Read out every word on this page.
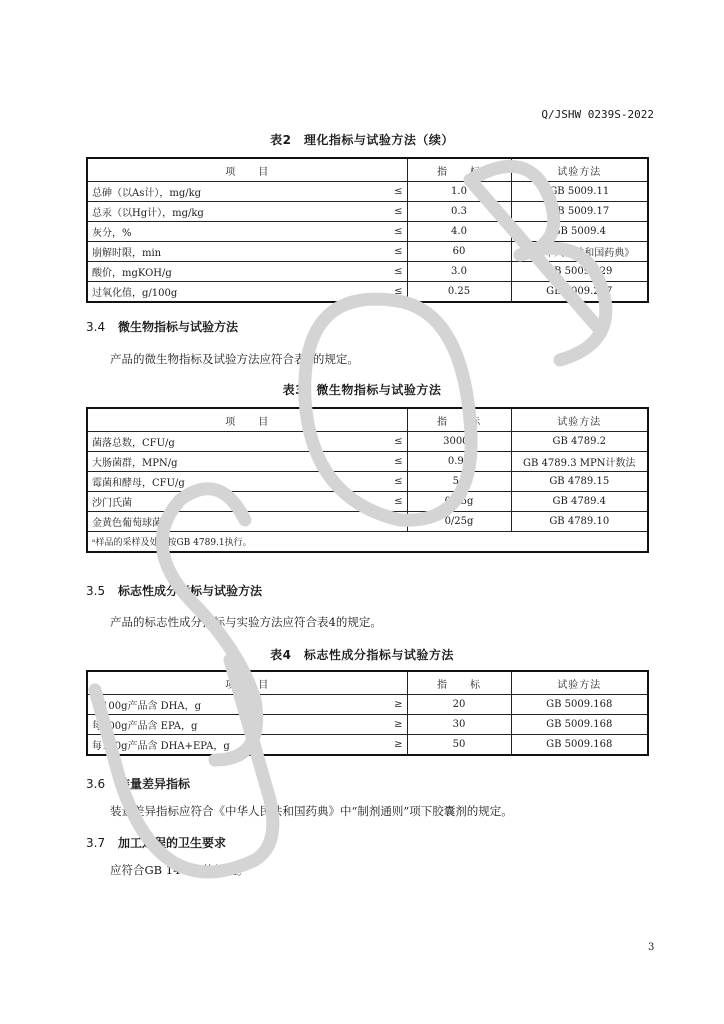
Q/JSHW 0239S-2022
表2　理化指标与试验方法（续）
项　　目		指　　标	试验方法
总砷（以As计），mg/kg	≤	1.0	GB 5009.11
总汞（以Hg计），mg/kg	≤	0.3	GB 5009.17
灰分，%	≤	4.0	GB 5009.4
崩解时限，min	≤	60	《中华人民共和国药典》
酸价，mgKOH/g	≤	3.0	GB 5009.229
过氧化值，g/100g	≤	0.25	GB 5009.227
3.4 微生物指标与试验方法
产品的微生物指标及试验方法应符合表3的规定。
表3　微生物指标与试验方法
项　　目		指　　标	试验方法
菌落总数，CFU/g	≤	30000	GB 4789.2
大肠菌群，MPN/g	≤	0.92	GB 4789.3 MPN计数法
霉菌和酵母，CFU/g	≤	50	GB 4789.15
沙门氏菌	≤	0/25g	GB 4789.4
金黄色葡萄球菌	≤	0/25g	GB 4789.10
ᵃ样品的采样及处理按GB 4789.1执行。			
3.5 标志性成分指标与试验方法
产品的标志性成分指标与实验方法应符合表4的规定。
表4　标志性成分指标与试验方法
项　　目		指　　标	试验方法
每100g产品含 DHA，g	≥	20	GB 5009.168
每100g产品含 EPA，g	≥	30	GB 5009.168
每100g产品含 DHA+EPA，g	≥	50	GB 5009.168
3.6 装量差异指标
装量差异指标应符合《中华人民共和国药典》中“制剂通则”项下胶囊剂的规定。
3.7 加工过程的卫生要求
应符合GB 14881的规定。
3
